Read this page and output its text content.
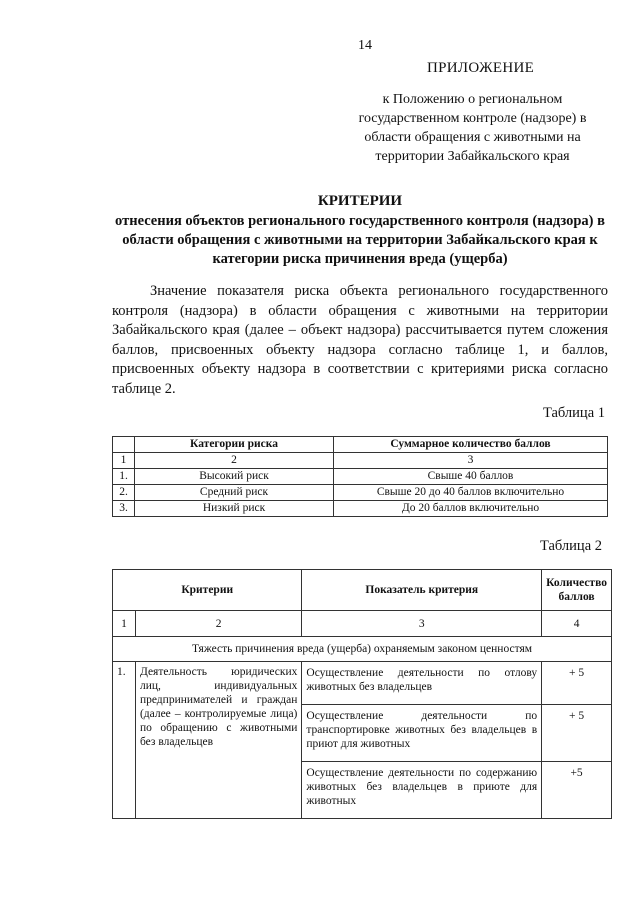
14
ПРИЛОЖЕНИЕ
к Положению о региональном государственном контроле (надзоре) в области обращения с животными на территории Забайкальского края
КРИТЕРИИ
отнесения объектов регионального государственного контроля (надзора) в области обращения с животными на территории Забайкальского края к категории риска причинения вреда (ущерба)
Значение показателя риска объекта регионального государственного контроля (надзора) в области обращения с животными на территории Забайкальского края (далее – объект надзора) рассчитывается путем сложения баллов, присвоенных объекту надзора согласно таблице 1, и баллов, присвоенных объекту надзора в соответствии с критериями риска согласно таблице 2.
Таблица 1
	Категории риска	Суммарное количество баллов
1	2	3
1.	Высокий риск	Свыше 40 баллов
2.	Средний риск	Свыше 20 до 40 баллов включительно
3.	Низкий риск	До 20 баллов включительно
Таблица 2
Критерии		Показатель критерия	Количество баллов
1	2	3	4
Тяжесть причинения вреда (ущерба) охраняемым законом ценностям			
1.	Деятельность юридических лиц, индивидуальных предпринимателей и граждан (далее – контролируемые лица) по обращению с животными без владельцев	Осуществление деятельности по отлову животных без владельцев	+ 5
		Осуществление деятельности по транспортировке животных без владельцев в приют для животных	+ 5
		Осуществление деятельности по содержанию животных без владельцев в приюте для животных	+5
